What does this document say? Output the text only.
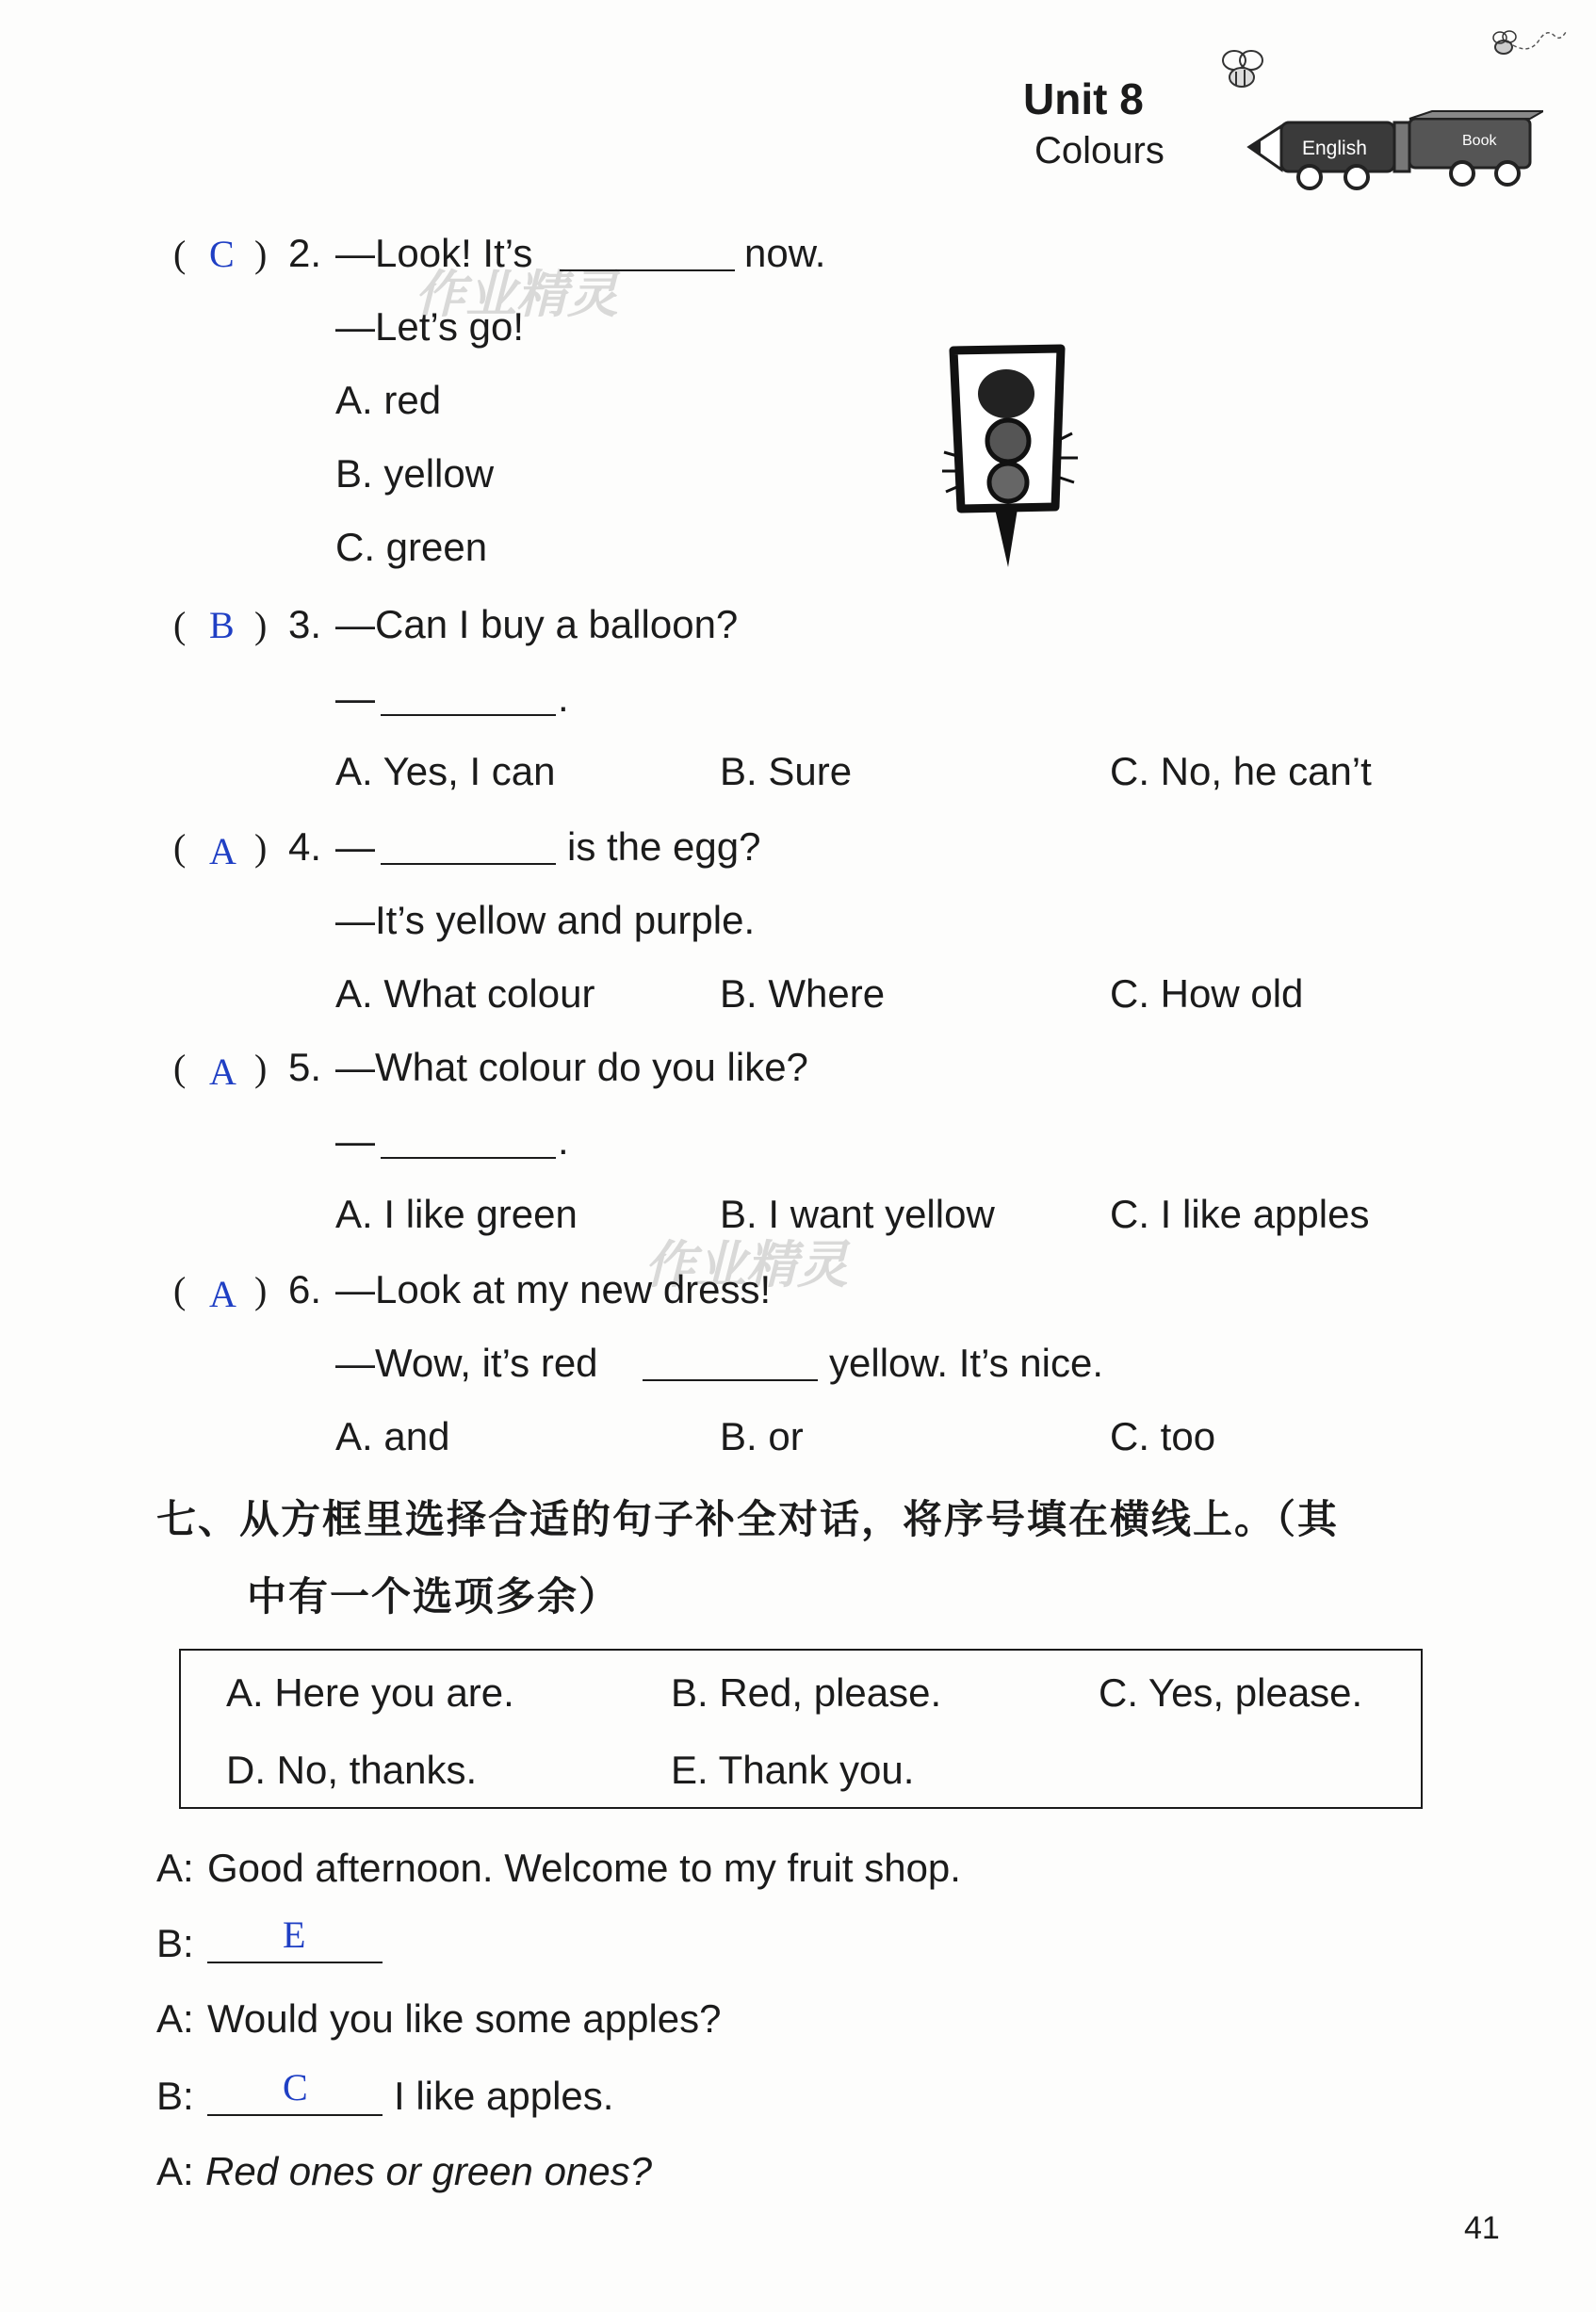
Unit 8
Colours	English	Book
作业精灵
作业精灵
( C ) 2. —Look! It’s	now.
—Let’s go!
A. red
B. yellow
C. green
( B ) 3. —Can I buy a balloon?
—	.
A. Yes, I can	B. Sure	C. No, he can’t
( A ) 4. —	is the egg?
—It’s yellow and purple.
A. What colour	B. Where	C. How old
( A ) 5. —What colour do you like?
—	.
A. I like green	B. I want yellow	C. I like apples
( A ) 6. —Look at my new dress!
—Wow, it’s red	yellow. It’s nice.
A. and	B. or	C. too
七、从方框里选择合适的句子补全对话，将序号填在横线上。（其
中有一个选项多余）
A. Here you are.	B. Red, please.	C. Yes, please.
D. No, thanks.	E. Thank you.
A: Good afternoon. Welcome to my fruit shop.
B: E
A: Would you like some apples?
B: C I like apples.
A: Red ones or green ones?
41
